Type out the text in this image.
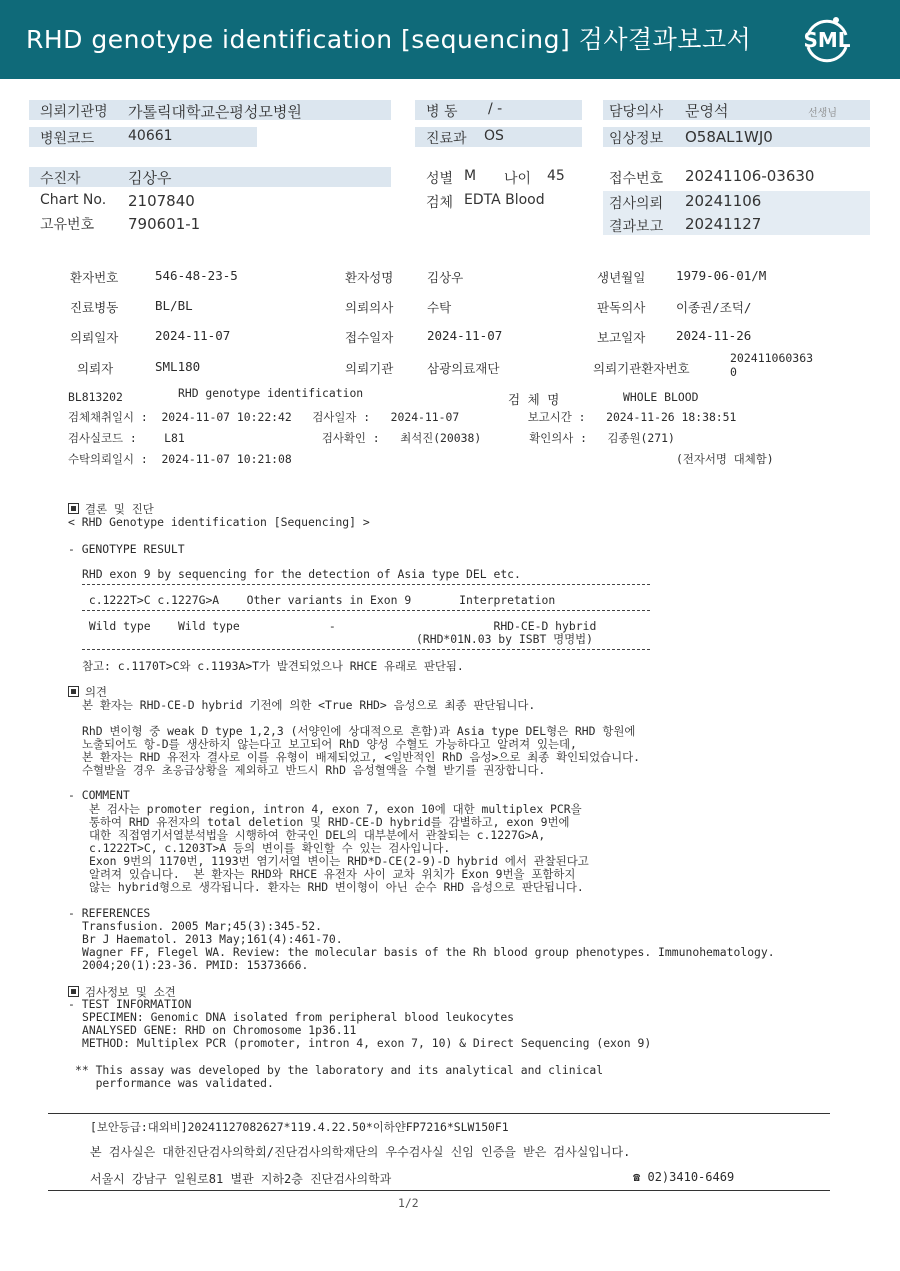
RHD genotype identification [sequencing] 검사결과보고서	SML
의뢰기관명 가톨릭대학교은평성모병원	병 동 / -	담당의사 문영석	선생님
병원코드 40661	진료과 OS	임상정보 O58AL1WJ0
수진자	김상우	성별 M 나이 45	접수번호 20241106-03630
Chart No. 2107840	검체 EDTA Blood	검사의뢰 20241106
고유번호 790601-1	결과보고 20241127
환자번호	546-48-23-5	환자성명	김상우	생년월일 1979-06-01/M
진료병동	BL/BL	의뢰의사	수탁	판독의사 이종권/조덕/
의뢰일자	2024-11-07	접수일자	2024-11-07	보고일자 2024-11-26
의뢰자	SML180	의뢰기관	삼광의료재단	의뢰기관환자번호
202411060363
0
BL813202	RHD genotype identification	검 체 명	WHOLE BLOOD
검체채취일시 :  2024-11-07 10:22:42   검사일자 :   2024-11-07          보고시간 :   2024-11-26 18:38:51
검사실코드 :    L81                    검사확인 :   최석진(20038)       확인의사 :   김종원(271)
수탁의뢰일시 :  2024-11-07 10:21:08	(전자서명 대체함)
결론 및 진단
< RHD Genotype identification [Sequencing] >
- GENOTYPE RESULT
RHD exon 9 by sequencing for the detection of Asia type DEL etc.
c.1222T>C c.1227G>A    Other variants in Exon 9       Interpretation
Wild type    Wild type             -                       RHD-CE-D hybrid
(RHD*01N.03 by ISBT 명명법)
참고: c.1170T>C와 c.1193A>T가 발견되었으나 RHCE 유래로 판단됨.
의견
본 환자는 RHD-CE-D hybrid 기전에 의한 <True RHD> 음성으로 최종 판단됩니다.
RhD 변이형 중 weak D type 1,2,3 (서양인에 상대적으로 흔함)과 Asia type DEL형은 RHD 항원에
노출되어도 항-D를 생산하지 않는다고 보고되어 RhD 양성 수혈도 가능하다고 알려져 있는데,
본 환자는 RHD 유전자 결사로 이를 유형이 배제되었고, <일반적인 RhD 음성>으로 최종 확인되었습니다.
수혈받을 경우 초응급상황을 제외하고 반드시 RhD 음성혈액을 수혈 받기를 권장합니다.
- COMMENT
본 검사는 promoter region, intron 4, exon 7, exon 10에 대한 multiplex PCR을
통하여 RHD 유전자의 total deletion 및 RHD-CE-D hybrid를 감별하고, exon 9번에
대한 직접염기서열분석법을 시행하여 한국인 DEL의 대부분에서 관찰되는 c.1227G>A,
c.1222T>C, c.1203T>A 등의 변이를 확인할 수 있는 검사입니다.
Exon 9번의 1170번, 1193번 염기서열 변이는 RHD*D-CE(2-9)-D hybrid 에서 관찰된다고
알려져 있습니다.  본 환자는 RHD와 RHCE 유전자 사이 교차 위치가 Exon 9번을 포함하지
않는 hybrid형으로 생각됩니다. 환자는 RHD 변이형이 아닌 순수 RHD 음성으로 판단됩니다.
- REFERENCES
Transfusion. 2005 Mar;45(3):345-52.
Br J Haematol. 2013 May;161(4):461-70.
Wagner FF, Flegel WA. Review: the molecular basis of the Rh blood group phenotypes. Immunohematology.
2004;20(1):23-36. PMID: 15373666.
검사정보 및 소견
- TEST INFORMATION
SPECIMEN: Genomic DNA isolated from peripheral blood leukocytes
ANALYSED GENE: RHD on Chromosome 1p36.11
METHOD: Multiplex PCR (promoter, intron 4, exon 7, 10) & Direct Sequencing (exon 9)
** This assay was developed by the laboratory and its analytical and clinical
performance was validated.
[보안등급:대외비]20241127082627*119.4.22.50*이하얀FP7216*SLW150F1
본 검사실은 대한진단검사의학회/진단검사의학재단의 우수검사실 신임 인증을 받은 검사실입니다.
서울시 강남구 일원로81 별관 지하2층 진단검사의학과	☎ 02)3410-6469
1/2
